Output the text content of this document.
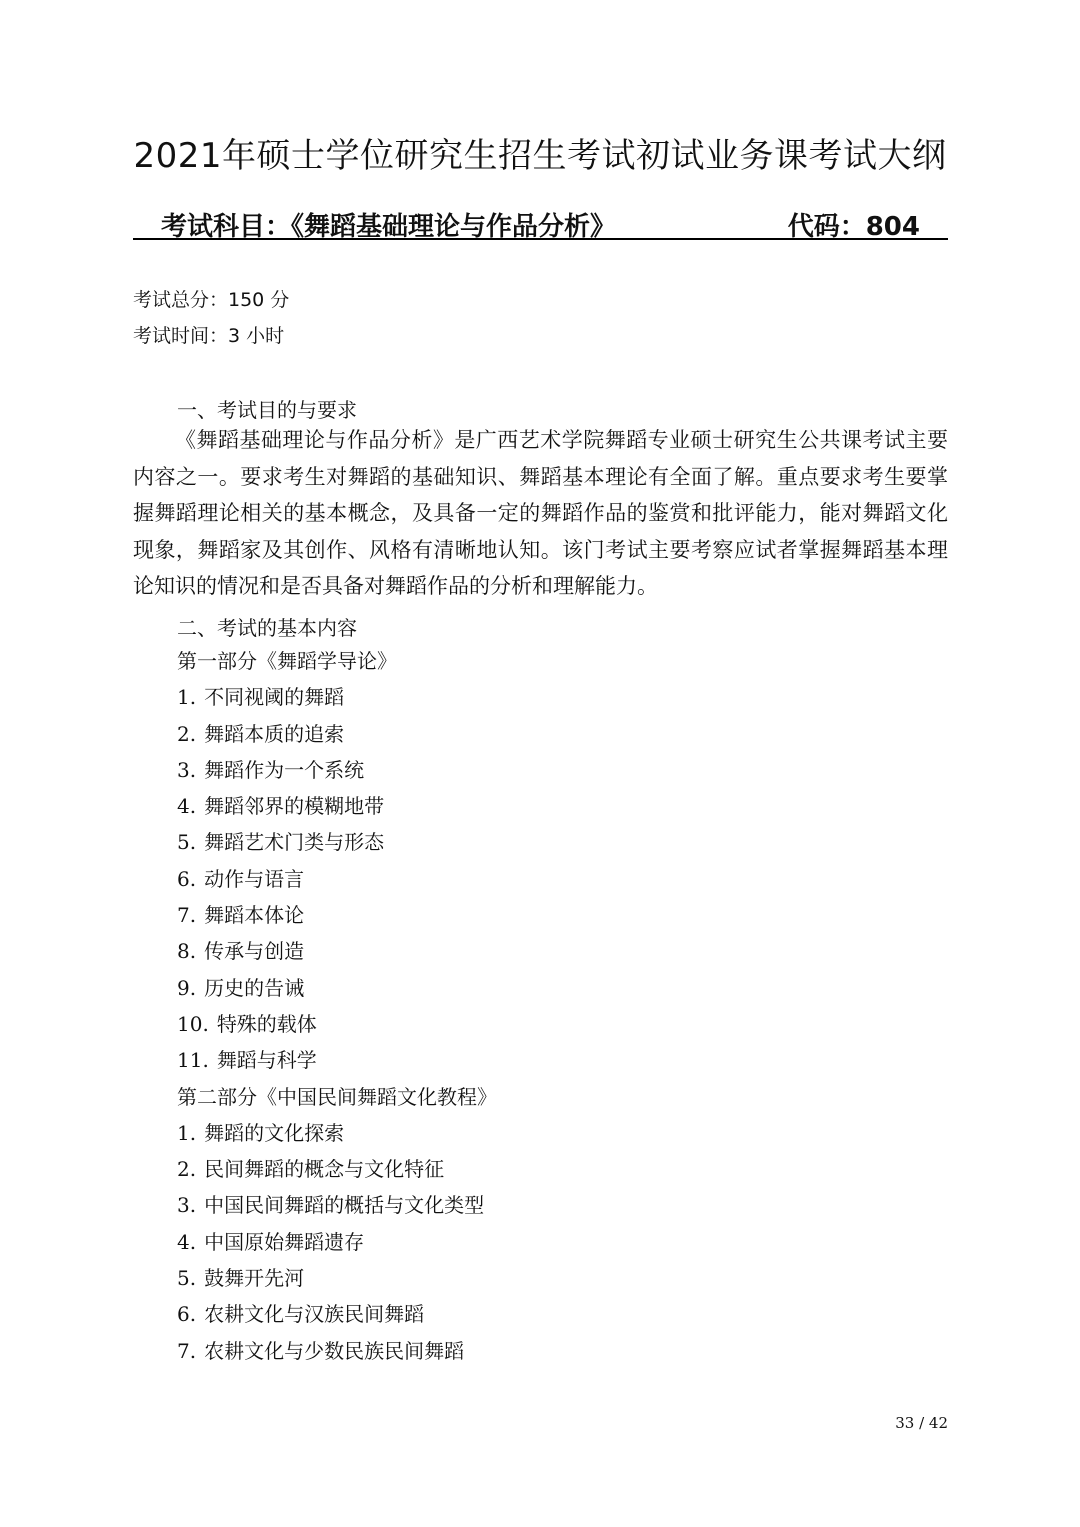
2021年硕士学位研究生招生考试初试业务课考试大纲
考试科目：《舞蹈基础理论与作品分析》	代码：804
考试总分：150 分
考试时间：3 小时
一、考试目的与要求
《舞蹈基础理论与作品分析》是广西艺术学院舞蹈专业硕士研究生公共课考试主要内容之一。要求考生对舞蹈的基础知识、舞蹈基本理论有全面了解。重点要求考生要掌握舞蹈理论相关的基本概念，及具备一定的舞蹈作品的鉴赏和批评能力，能对舞蹈文化现象，舞蹈家及其创作、风格有清晰地认知。该门考试主要考察应试者掌握舞蹈基本理论知识的情况和是否具备对舞蹈作品的分析和理解能力。
二、考试的基本内容
第一部分《舞蹈学导论》
1. 不同视阈的舞蹈
2. 舞蹈本质的追索
3. 舞蹈作为一个系统
4. 舞蹈邻界的模糊地带
5. 舞蹈艺术门类与形态
6. 动作与语言
7. 舞蹈本体论
8. 传承与创造
9. 历史的告诫
10. 特殊的载体
11. 舞蹈与科学
第二部分《中国民间舞蹈文化教程》
1. 舞蹈的文化探索
2. 民间舞蹈的概念与文化特征
3. 中国民间舞蹈的概括与文化类型
4. 中国原始舞蹈遗存
5. 鼓舞开先河
6. 农耕文化与汉族民间舞蹈
7. 农耕文化与少数民族民间舞蹈
33 / 42
